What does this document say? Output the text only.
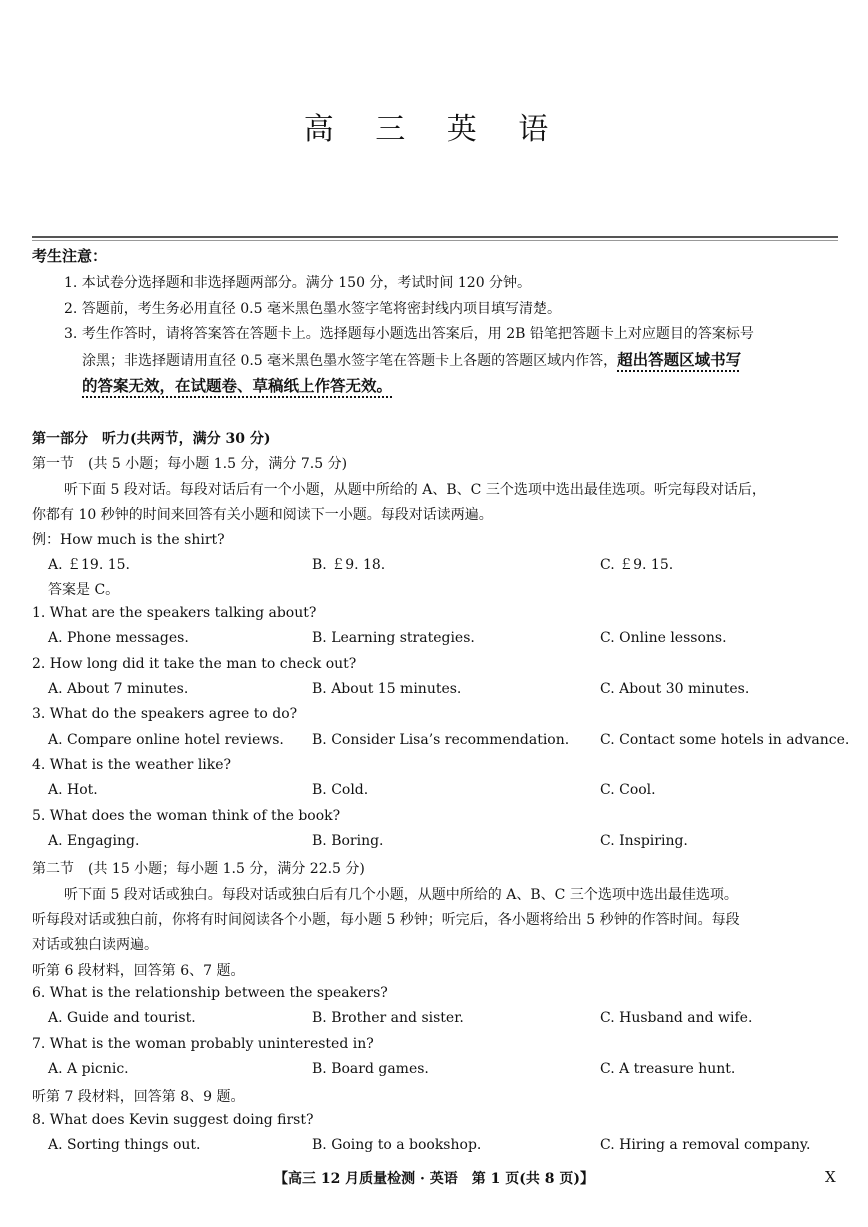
高 三 英 语
考生注意：
1. 本试卷分选择题和非选择题两部分。满分 150 分，考试时间 120 分钟。
2. 答题前，考生务必用直径 0.5 毫米黑色墨水签字笔将密封线内项目填写清楚。
3. 考生作答时，请将答案答在答题卡上。选择题每小题选出答案后，用 2B 铅笔把答题卡上对应题目的答案标号
涂黑；非选择题请用直径 0.5 毫米黑色墨水签字笔在答题卡上各题的答题区域内作答，超出答题区域书写
的答案无效，在试题卷、草稿纸上作答无效。
第一部分　听力(共两节，满分 30 分)
第一节　(共 5 小题；每小题 1.5 分，满分 7.5 分)
听下面 5 段对话。每段对话后有一个小题，从题中所给的 A、B、C 三个选项中选出最佳选项。听完每段对话后，
你都有 10 秒钟的时间来回答有关小题和阅读下一小题。每段对话读两遍。
例：How much is the shirt?
A. ￡19. 15.	B. ￡9. 18.	C. ￡9. 15.
答案是 C。
1. What are the speakers talking about?
A. Phone messages.	B. Learning strategies.	C. Online lessons.
2. How long did it take the man to check out?
A. About 7 minutes.	B. About 15 minutes.	C. About 30 minutes.
3. What do the speakers agree to do?
A. Compare online hotel reviews. B. Consider Lisa’s recommendation. C. Contact some hotels in advance.
4. What is the weather like?
A. Hot.	B. Cold.	C. Cool.
5. What does the woman think of the book?
A. Engaging.	B. Boring.	C. Inspiring.
第二节　(共 15 小题；每小题 1.5 分，满分 22.5 分)
听下面 5 段对话或独白。每段对话或独白后有几个小题，从题中所给的 A、B、C 三个选项中选出最佳选项。
听每段对话或独白前，你将有时间阅读各个小题，每小题 5 秒钟；听完后，各小题将给出 5 秒钟的作答时间。每段
对话或独白读两遍。
听第 6 段材料，回答第 6、7 题。
6. What is the relationship between the speakers?
A. Guide and tourist.	B. Brother and sister.	C. Husband and wife.
7. What is the woman probably uninterested in?
A. A picnic.	B. Board games.	C. A treasure hunt.
听第 7 段材料，回答第 8、9 题。
8. What does Kevin suggest doing first?
A. Sorting things out.	B. Going to a bookshop.	C. Hiring a removal company.
【高三 12 月质量检测 · 英语　第 1 页(共 8 页)】	X
